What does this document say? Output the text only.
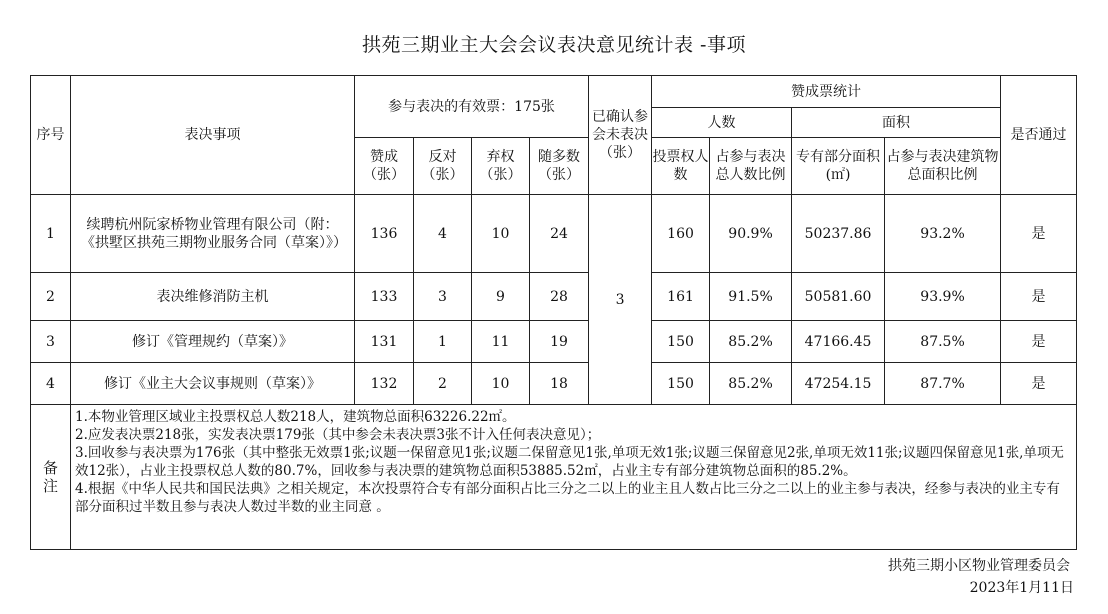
拱苑三期业主大会会议表决意见统计表 -事项
序号	表决事项	参与表决的有效票：175张				已确认参会未表决（张）	赞成票统计				是否通过
							人数		面积		
		赞成（张）	反对（张）	弃权（张）	随多数（张）		投票权人数	占参与表决总人数比例	专有部分面积(㎡)	占参与表决建筑物总面积比例	
1	续聘杭州阮家桥物业管理有限公司（附：《拱墅区拱苑三期物业服务合同（草案）》）	136	4	10	24	3	160	90.9%	50237.86	93.2%	是
2	表决维修消防主机	133	3	9	28		161	91.5%	50581.60	93.9%	是
3	修订《管理规约（草案）》	131	1	11	19		150	85.2%	47166.45	87.5%	是
4	修订《业主大会议事规则（草案）》	132	2	10	18		150	85.2%	47254.15	87.7%	是
备注	1.本物业管理区域业主投票权总人数218人，建筑物总面积63226.22㎡。
2.应发表决票218张，实发表决票179张（其中参会未表决票3张不计入任何表决意见）；
3.回收参与表决票为176张（其中整张无效票1张;议题一保留意见1张;议题二保留意见1张,单项无效1张;议题三保留意见2张,单项无效11张;议题四保留意见1张,单项无效12张），占业主投票权总人数的80.7%，回收参与表决票的建筑物总面积53885.52㎡，占业主专有部分建筑物总面积的85.2%。
4.根据《中华人民共和国民法典》之相关规定，本次投票符合专有部分面积占比三分之二以上的业主且人数占比三分之二以上的业主参与表决，经参与表决的业主专有部分面积过半数且参与表决人数过半数的业主同意 。										
拱苑三期小区物业管理委员会
2023年1月11日
